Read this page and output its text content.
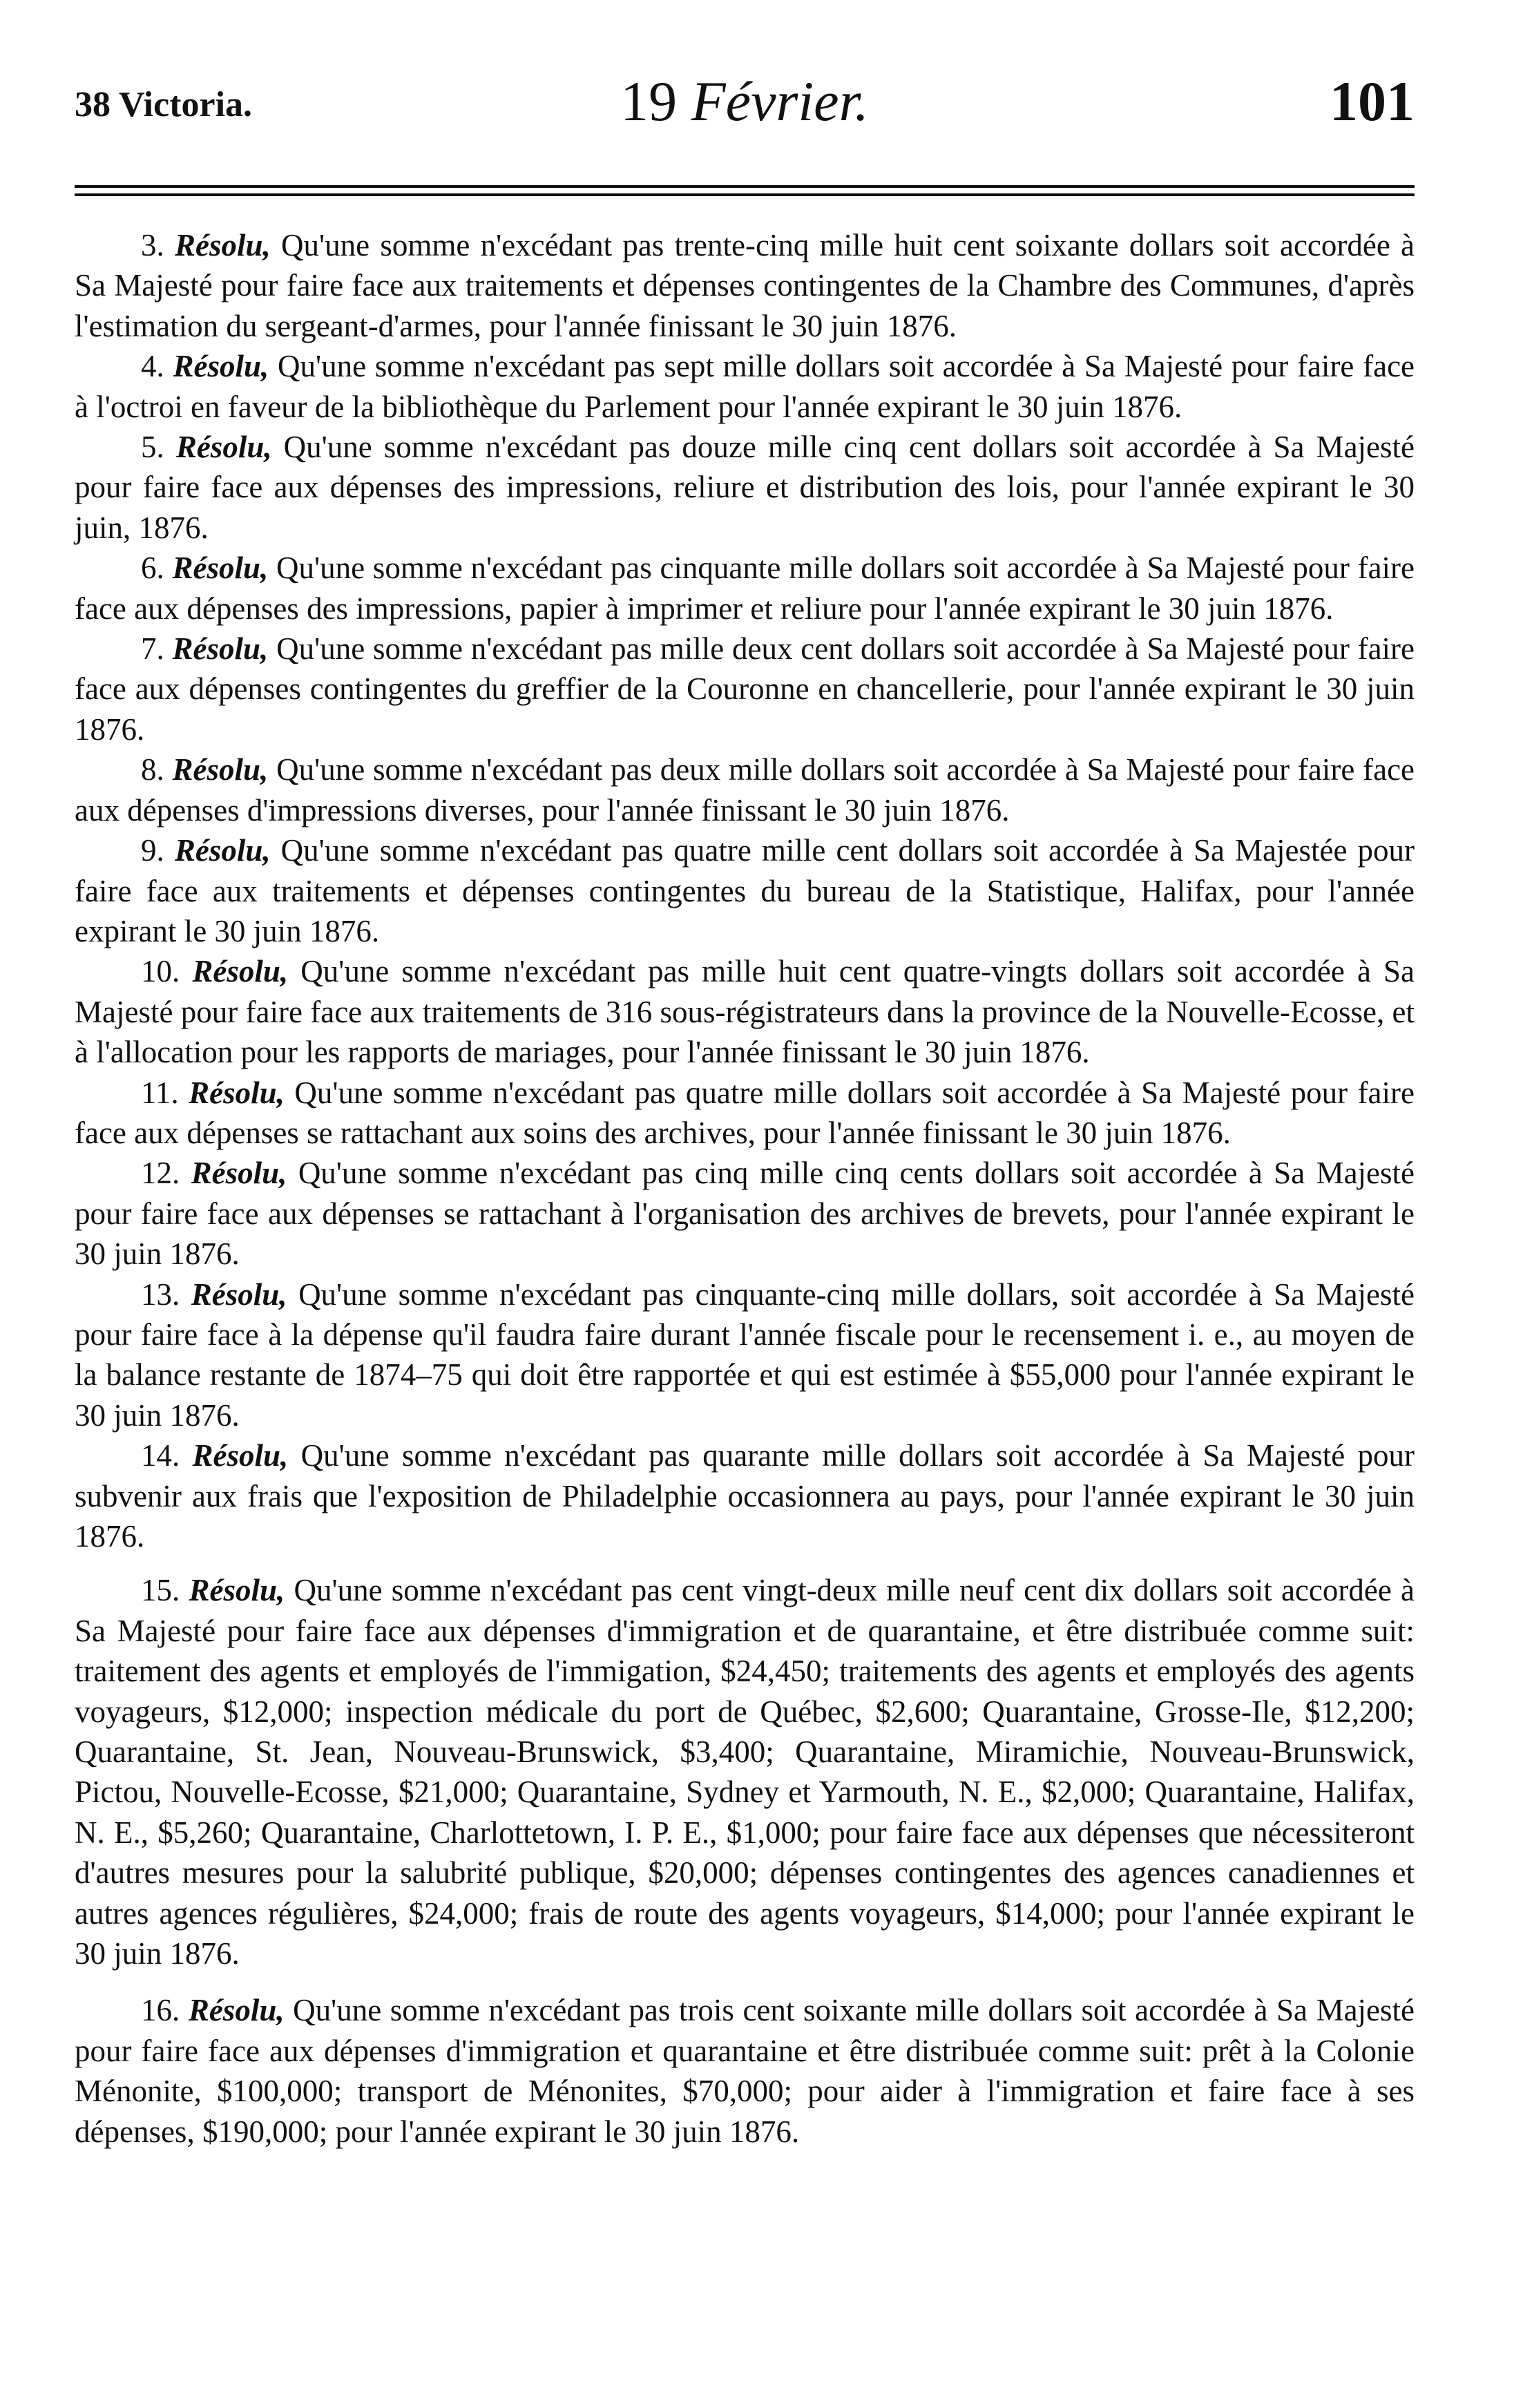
38 Victoria.	19 Février.	101

3. Résolu, Qu'une somme n'excédant pas trente-cinq mille huit cent soixante dollars soit accordée à Sa Majesté pour faire face aux traitements et dépenses contingentes de la Chambre des Communes, d'après l'estimation du sergeant-d'armes, pour l'année finissant le 30 juin 1876.

4. Résolu, Qu'une somme n'excédant pas sept mille dollars soit accordée à Sa Majesté pour faire face à l'octroi en faveur de la bibliothèque du Parlement pour l'année expirant le 30 juin 1876.

5. Résolu, Qu'une somme n'excédant pas douze mille cinq cent dollars soit accordée à Sa Majesté pour faire face aux dépenses des impressions, reliure et distribution des lois, pour l'année expirant le 30 juin, 1876.

6. Résolu, Qu'une somme n'excédant pas cinquante mille dollars soit accordée à Sa Majesté pour faire face aux dépenses des impressions, papier à imprimer et reliure pour l'année expirant le 30 juin 1876.

7. Résolu, Qu'une somme n'excédant pas mille deux cent dollars soit accordée à Sa Majesté pour faire face aux dépenses contingentes du greffier de la Couronne en chancellerie, pour l'année expirant le 30 juin 1876.

8. Résolu, Qu'une somme n'excédant pas deux mille dollars soit accordée à Sa Majesté pour faire face aux dépenses d'impressions diverses, pour l'année finissant le 30 juin 1876.

9. Résolu, Qu'une somme n'excédant pas quatre mille cent dollars soit accordée à Sa Majestée pour faire face aux traitements et dépenses contingentes du bureau de la Statistique, Halifax, pour l'année expirant le 30 juin 1876.

10. Résolu, Qu'une somme n'excédant pas mille huit cent quatre-vingts dollars soit accordée à Sa Majesté pour faire face aux traitements de 316 sous-régistrateurs dans la province de la Nouvelle-Ecosse, et à l'allocation pour les rapports de mariages, pour l'année finissant le 30 juin 1876.

11. Résolu, Qu'une somme n'excédant pas quatre mille dollars soit accordée à Sa Majesté pour faire face aux dépenses se rattachant aux soins des archives, pour l'année finissant le 30 juin 1876.

12. Résolu, Qu'une somme n'excédant pas cinq mille cinq cents dollars soit accordée à Sa Majesté pour faire face aux dépenses se rattachant à l'organisation des archives de brevets, pour l'année expirant le 30 juin 1876.

13. Résolu, Qu'une somme n'excédant pas cinquante-cinq mille dollars, soit accordée à Sa Majesté pour faire face à la dépense qu'il faudra faire durant l'année fiscale pour le recensement i. e., au moyen de la balance restante de 1874–75 qui doit être rapportée et qui est estimée à $55,000 pour l'année expirant le 30 juin 1876.

14. Résolu, Qu'une somme n'excédant pas quarante mille dollars soit accordée à Sa Majesté pour subvenir aux frais que l'exposition de Philadelphie occasionnera au pays, pour l'année expirant le 30 juin 1876.

15. Résolu, Qu'une somme n'excédant pas cent vingt-deux mille neuf cent dix dollars soit accordée à Sa Majesté pour faire face aux dépenses d'immigration et de quarantaine, et être distribuée comme suit: traitement des agents et employés de l'immigation, $24,450; traitements des agents et employés des agents voyageurs, $12,000; inspection médicale du port de Québec, $2,600; Quarantaine, Grosse-Ile, $12,200; Quarantaine, St. Jean, Nouveau-Brunswick, $3,400; Quarantaine, Miramichie, Nouveau-Brunswick, Pictou, Nouvelle-Ecosse, $21,000; Quarantaine, Sydney et Yarmouth, N. E., $2,000; Quarantaine, Halifax, N. E., $5,260; Quarantaine, Charlottetown, I. P. E., $1,000; pour faire face aux dépenses que nécessiteront d'autres mesures pour la salubrité publique, $20,000; dépenses contingentes des agences canadiennes et autres agences régulières, $24,000; frais de route des agents voyageurs, $14,000; pour l'année expirant le 30 juin 1876.

16. Résolu, Qu'une somme n'excédant pas trois cent soixante mille dollars soit accordée à Sa Majesté pour faire face aux dépenses d'immigration et quarantaine et être distribuée comme suit: prêt à la Colonie Ménonite, $100,000; transport de Ménonites, $70,000; pour aider à l'immigration et faire face à ses dépenses, $190,000; pour l'année expirant le 30 juin 1876.
